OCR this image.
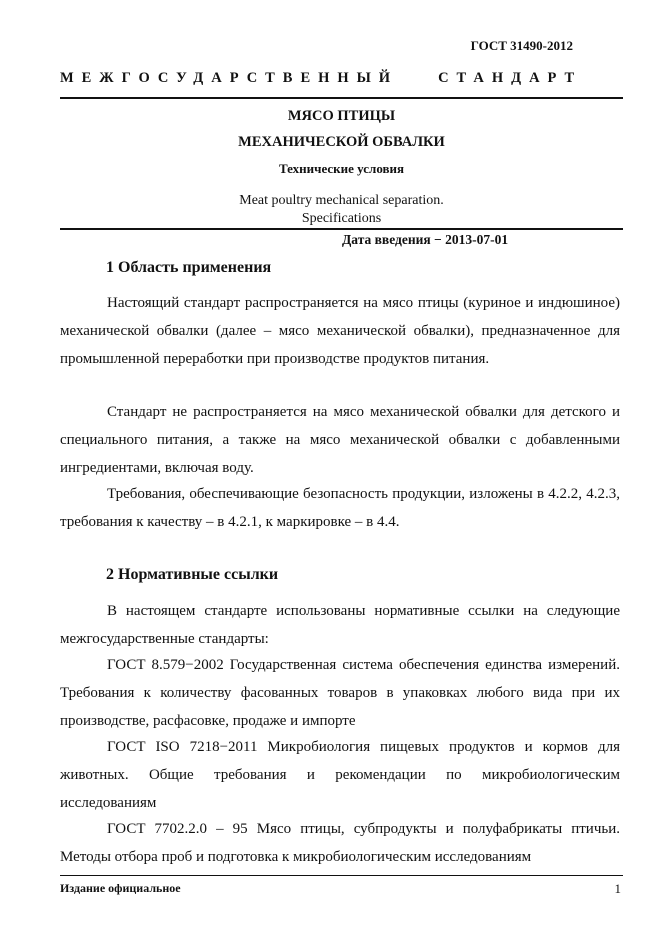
ГОСТ 31490-2012
МЕЖГОСУДАРСТВЕННЫЙ	СТАНДАРТ
МЯСО ПТИЦЫ
МЕХАНИЧЕСКОЙ ОБВАЛКИ
Технические условия
Meat poultry mechanical separation.
Specifications
Дата введения − 2013-07-01
1 Область применения

Настоящий стандарт распространяется на мясо птицы (куриное и индюшиное) механической обвалки (далее – мясо механической обвалки), предназначенное для промышленной переработки при производстве продуктов питания.

Стандарт не распространяется на мясо механической обвалки для детского и специального питания, а также на мясо механической обвалки с добавленными ингредиентами, включая воду.

Требования, обеспечивающие безопасность продукции, изложены в 4.2.2, 4.2.3, требования к качеству – в 4.2.1, к маркировке – в 4.4.

2 Нормативные ссылки

В настоящем стандарте использованы нормативные ссылки на следующие межгосударственные стандарты:

ГОСТ 8.579−2002 Государственная система обеспечения единства измерений. Требования к количеству фасованных товаров в упаковках любого вида при их производстве, расфасовке, продаже и импорте

ГОСТ ISO 7218−2011 Микробиология пищевых продуктов и кормов для животных. Общие требования и рекомендации по микробиологическим исследованиям

ГОСТ 7702.2.0 – 95 Мясо птицы, субпродукты и полуфабрикаты птичьи. Методы отбора проб и подготовка к микробиологическим исследованиям

Издание официальное	1
